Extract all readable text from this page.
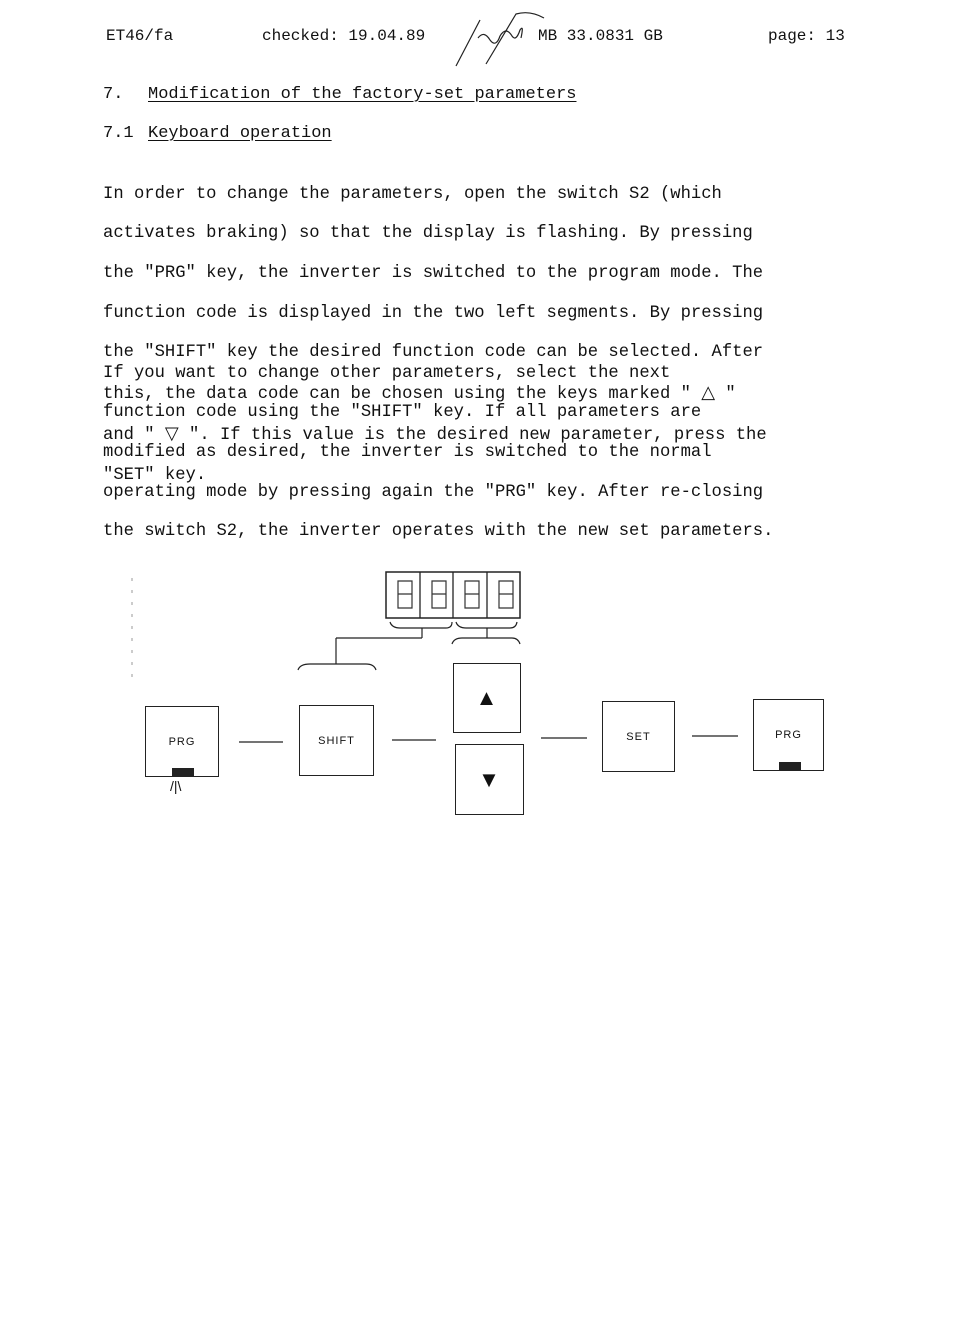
ET46/fa	checked: 19.04.89	MB 33.0831 GB	page: 13
7. Modification of the factory-set parameters
7.1 Keyboard operation

In order to change the parameters, open the switch S2 (which

activates braking) so that the display is flashing. By pressing

the "PRG" key, the inverter is switched to the program mode. The

function code is displayed in the two left segments. By pressing

the "SHIFT" key the desired function code can be selected. After

this, the data code can be chosen using the keys marked " △ "

and " ▽ ". If this value is the desired new parameter, press the

"SET" key.

If you want to change other parameters, select the next

function code using the "SHIFT" key. If all parameters are

modified as desired, the inverter is switched to the normal

operating mode by pressing again the "PRG" key. After re-closing

the switch S2, the inverter operates with the new set parameters.

PRG
/|\
SHIFT
▲
▼
SET	PRG
